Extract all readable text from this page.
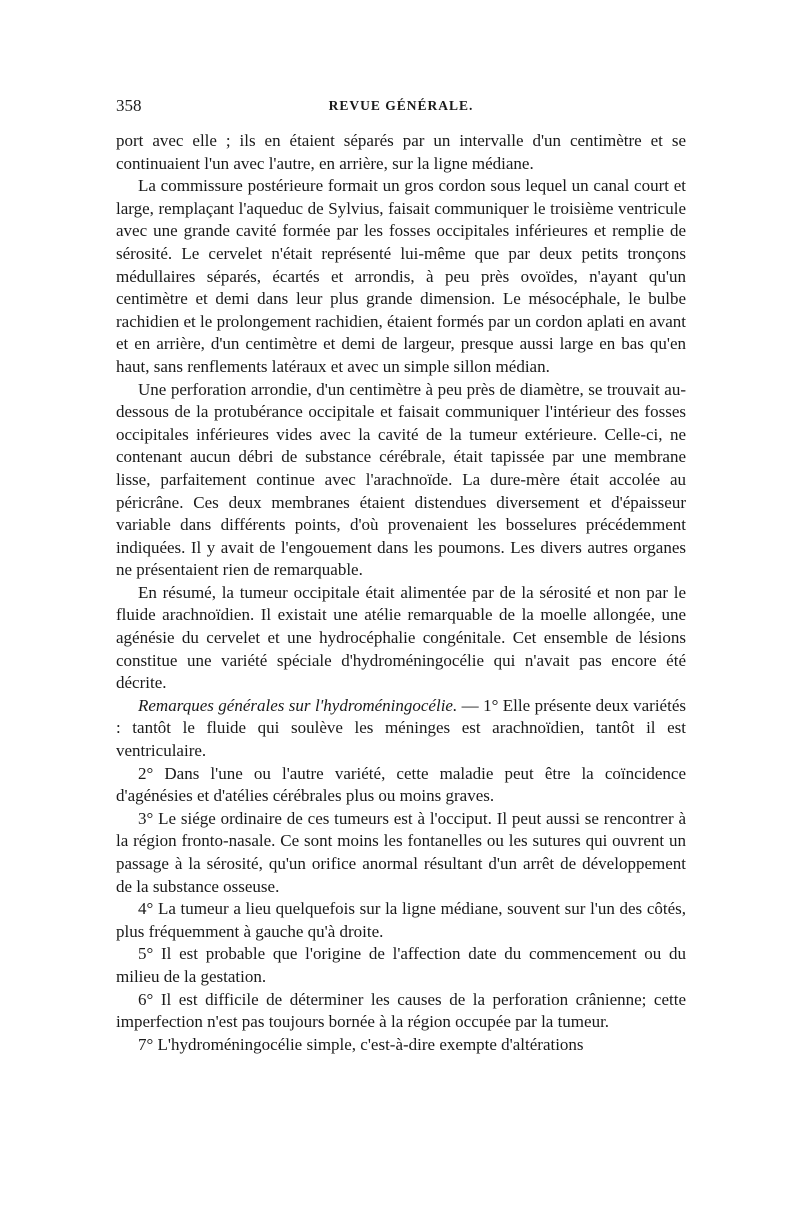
358	REVUE GÉNÉRALE.

port avec elle ; ils en étaient séparés par un intervalle d'un centimètre et se continuaient l'un avec l'autre, en arrière, sur la ligne médiane.

La commissure postérieure formait un gros cordon sous lequel un canal court et large, remplaçant l'aqueduc de Sylvius, faisait communiquer le troisième ventricule avec une grande cavité formée par les fosses occipitales inférieures et remplie de sérosité. Le cervelet n'était représenté lui-même que par deux petits tronçons médullaires séparés, écartés et arrondis, à peu près ovoïdes, n'ayant qu'un centimètre et demi dans leur plus grande dimension. Le mésocéphale, le bulbe rachidien et le prolongement rachidien, étaient formés par un cordon aplati en avant et en arrière, d'un centimètre et demi de largeur, presque aussi large en bas qu'en haut, sans renflements latéraux et avec un simple sillon médian.

Une perforation arrondie, d'un centimètre à peu près de diamètre, se trouvait au-dessous de la protubérance occipitale et faisait communiquer l'intérieur des fosses occipitales inférieures vides avec la cavité de la tumeur extérieure. Celle-ci, ne contenant aucun débri de substance cérébrale, était tapissée par une membrane lisse, parfaitement continue avec l'arachnoïde. La dure-mère était accolée au péricrâne. Ces deux membranes étaient distendues diversement et d'épaisseur variable dans différents points, d'où provenaient les bosselures précédemment indiquées. Il y avait de l'engouement dans les poumons. Les divers autres organes ne présentaient rien de remarquable.

En résumé, la tumeur occipitale était alimentée par de la sérosité et non par le fluide arachnoïdien. Il existait une atélie remarquable de la moelle allongée, une agénésie du cervelet et une hydrocéphalie congénitale. Cet ensemble de lésions constitue une variété spéciale d'hydroméningocélie qui n'avait pas encore été décrite.

Remarques générales sur l'hydroméningocélie. — 1° Elle présente deux variétés : tantôt le fluide qui soulève les méninges est arachnoïdien, tantôt il est ventriculaire.

2° Dans l'une ou l'autre variété, cette maladie peut être la coïncidence d'agénésies et d'atélies cérébrales plus ou moins graves.

3° Le siége ordinaire de ces tumeurs est à l'occiput. Il peut aussi se rencontrer à la région fronto-nasale. Ce sont moins les fontanelles ou les sutures qui ouvrent un passage à la sérosité, qu'un orifice anormal résultant d'un arrêt de développement de la substance osseuse.

4° La tumeur a lieu quelquefois sur la ligne médiane, souvent sur l'un des côtés, plus fréquemment à gauche qu'à droite.

5° Il est probable que l'origine de l'affection date du commencement ou du milieu de la gestation.

6° Il est difficile de déterminer les causes de la perforation crânienne; cette imperfection n'est pas toujours bornée à la région occupée par la tumeur.

7° L'hydroméningocélie simple, c'est-à-dire exempte d'altérations
